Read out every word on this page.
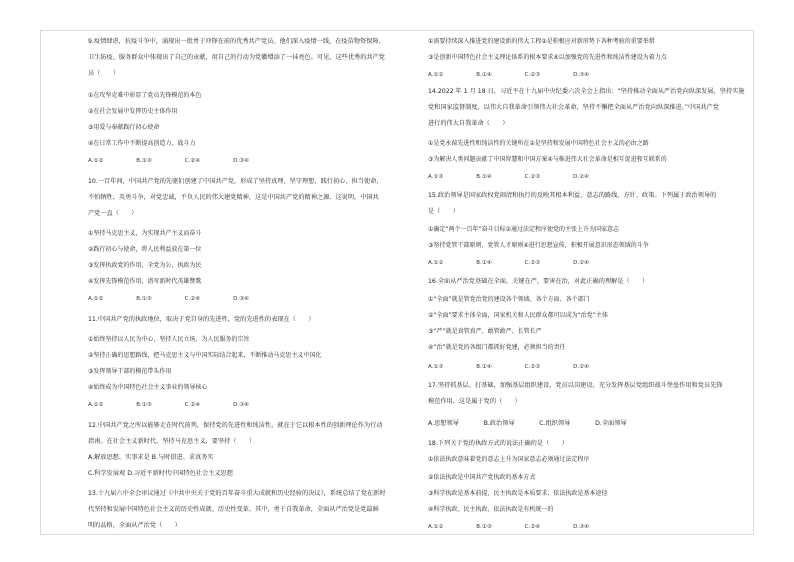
9.疫情肆虐，抗疫斗争中，涌现出一批勇于冲锋在前的优秀共产党员。他们深入疫情一线，在疫苗物资保障、
卫生防疫、服务群众中体现出了自己的贡献，用自己的行动为党徽增添了一抹亮色。可见，这些优秀的共产党
员（　　）
①在攻坚克难中彰显了党员先锋模范的本色
②在社会发展中发挥历史主体作用
③用爱与奉献践行初心使命
④在日常工作中不断提高创造力、战斗力
A.①②　　　　　　B.①③　　　　　　C.②④　　　　　　D.③④
10.一百年间，中国共产党的先驱们创建了中国共产党，形成了坚持真理、坚守理想，践行初心、担当使命，
不怕牺牲，英勇斗争，对党忠诚，不负人民的伟大建党精神，这是中国共产党的精神之源。这说明，中国共
产党一直（　　）
①坚持马克思主义，为实现共产主义而奋斗
②践行初心与使命，将人民利益放在第一位
③发挥执政党的作用，全党为公，执政为民
④发挥先锋模范作用，谱写新时代英雄赞歌
A.①②　　　　　　B.①③　　　　　　C.②④　　　　　　D.③④
11.中国共产党的执政地位，取决于党自身的先进性，党的先进性的表现在（　　）
①始终坚持以人民为中心，坚持人民立场，为人民服务的宗旨
②坚持正确的思想路线，把马克思主义与中国实际结合起来，不断推动马克思主义中国化
③发挥领导干部的模范带头作用
④始终成为中国特色社会主义事业的领导核心
A.①②　　　　　　B.①③　　　　　　C.②④　　　　　　D.③④
12.中国共产党之所以能够走在时代前列，保持党的先进性和纯洁性，就在于它以根本性的创新理论作为行动
指南。在社会主义新时代，坚持马克思主义，要坚持（　　）
A.解放思想、实事求是 B.与时俱进、求真务实
C.科学发展观 D.习近平新时代中国特色社会主义思想
13.十九届六中全会审议通过《中共中央关于党的百年奋斗重大成就和历史经验的决议》，系统总结了党在新时
代坚持和发展中国特色社会主义的历史性成就、历史性变革，其中，勇于自我革命，全面从严治党是党最鲜
明的品格，全面从严治党（　　）
①需要持续深入推进党的建设新的伟大工程②是积极应对新形势下各种考验的重要举措
③是创新中国特色社会主义理论体系的根本要求④以加强党的先进性和纯洁性建设为着力点
A.①②　　　　　　B.①④　　　　　　C.②③　　　　　　D.③④
14.2022 年 1 月 18 日，习近平在十九届中央纪委六次全会上指出：“坚持推动全面从严治党向纵深发展，坚持实施
党和国家监督制度，以伟大自我革命引领伟大社会革命，坚持不懈把全面从严治党向纵深推进。”中国共产党
进行的伟大自我革命（　　）
①是党永葆先进性和纯洁性的关键所在②是坚持和发展中国特色社会主义的必由之路
③为解决人类问题贡献了中国智慧和中国方案④与推进伟大社会革命是相互促进和互联系的
A.①③　　　　　　B.①④　　　　　　C.②③　　　　　　D.②④
15.政治领导是国家政权党闹清和执行的反映其根本利益、意志的路线、方针、政策。下列属于政治领导的
是（　　）
①确定“两个一百年”奋斗目标②通过法定程序使党的主张上升为国家意志
③坚持党管干部原则，党管人才原则④进行思想宣传，积极开展意识形态领域的斗争
A.①②　　　　　　B.①④　　　　　　C.②③　　　　　　D.②④
16.全面从严治党基础在全面，关键在严，要害在治，对此正确的理解是（　　）
①“全面”就是管党治党的建设各个领域、各个方面、各个部门
②“全面”要求主体全面，国家机关和人民群众都可以成为“治党”主体
③“严”就是真管真严、敢管敢严、长管长严
④“治”就是党的各级门都抓好党建，必须担当的责任
A.①③　　　　　　B.①④　　　　　　C.②③　　　　　　D.②④
17.坚持抓基层、打基础，加强基层组织建设，党员以岗建设，充分发挥基层党组织战斗堡垒作用和党员先锋
模范作用，这是属于党的（　　）
A.思想领导　　　　B.政治领导　　　　C.组织领导　　　　D.全面领导
18.下列关于党的执政方式的说法正确的是（　　）
①依法执政意味着党的意志上升为国家意志必须通过法定程序
②依法执政是中国共产党执政的基本方式
③科学执政是基本前提、民主执政是本质要求、依法执政是基本途径
④科学执政、民主执政、依法执政是有机统一的
A.①②　　　　　　B.①③　　　　　　C.②④　　　　　　D.③④
